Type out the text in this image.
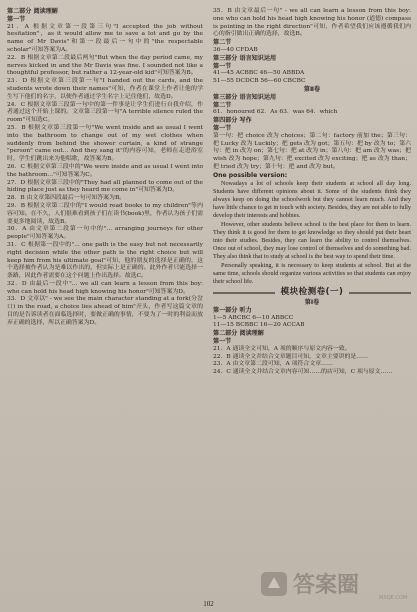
第二部分 阅读理解

第一节

21．A 根据文章第一段第三句"I accepted the job without hesitation"，as it would allow me to save a lot and go by the name of Mr Davis"和第一段最后一句中的"the respectable scholar"可知答案为A。

22．B 根据文章第二段最后两句"But when the day period came, my nerves kicked in and the Mr Davis was fine. I sounded not like a thoughtful professor, but rather a 12-year-old kid"可知答案为B。

23．D 根据文章第三段第一句"I handed out the cards, and the students wrote down their names"可知，作者在课堂上作者让他的学生写下他们的名字，以便作者通过学生名字上记住他们，故选D。

24．C 根据文章第三段第一句中的第一件事是让学生们进行自我介绍，作者通过这个开始上课的。文章第三段第一句"A terrible silence ruled the room"可知选C。

25．B 根据文章第三段第一句"We went inside and as usual I went into the bathroom to change out of my wet clothes when suddenly from behind the shower curtain, a kind of strange "person" came out... And they sang it"的内容可知，老师在走进浴室时，学生们跳出来为他唱歌，故答案为B。

26．C 根据文章第三段中的"We were inside and as usual I went into the bathroom..."可知答案为C。

27．D 根据文章第三段中的"They had all planned to come out of the hiding place just as they heard me come in"可知答案为D。

28．B 由文章第四段最后一句可知答案为B。

29．B 根据文章第二段中的"I would read books to my children"等内容可知。在不久，人们很难看到孩子们在读书(book)里，作者认为孩子们需要更多地阅读，故选B。

30．A 由文章第二段第一句中的"... arranging journeys for other people"可知答案为A。

31．C 根据第一段中的"... one path is the easy but not necessarily right decision while the other path is the right choice but will keep him from his ultimate goal"可知，他的朋友的选择是正确的，这个选择被作者认为是难以作出的，但实际上是正确的。此外作者只能选择一条路，因此作者需要在这个问题上作出选择。故选C。

32．D 由最后一段中"... we all can learn a lesson from this boy: who can hold his head high knowing his honor"可知答案为D。

33．D 文章以" - we see the main character standing at a fork(分岔口) in the road, a choice lies ahead of him"开头，作者写这篇文章的目的是告诉读者在面临选择时，要做正确的事情，不要为了一时的利益而放弃正确的选择，所以正确答案为D。

35．B 由文章最后一句" - we all can learn a lesson from this boy: one who can hold his head high knowing his honor (道德) compass is pointing in the right direction"可知，作者希望我们应该遵循我们内心的指引做出正确的选择，故选B。

第二节

36—40 CFDAB

第三部分 语言知识运用

第一节

41—45 ACBBC 46—50 ABBDA

51—55 DCDCB 56—60 CBCBC

第Ⅱ卷

第三部分 语言知识运用

第二节

61．honoured 62．As 63．was 64．which

第四部分 写作

第一节

第一句：把 choice 改为 choices；第二句：factory 前加 the；第三句：把 Lucky 改为 Luckily；把 gets 改为 got；第五句：把 by 改为 to；第六句：把 in 改为 on；第七句：把 at 改为 in；第八句：把 am 改为 was；把 wish 改为 hope；第九句：把 excited 改为 exciting；把 as 改为 than；把 tried 改为 try；第十句：把 and 改为 but。

One possible version:

Nowadays a lot of schools keep their students at school all day long. Students have different opinions about it. Some of the students think they always keep on doing the schoolwork but they cannot learn much. And they have little chance to get in touch with society. Besides, they are not able to fully develop their interests and hobbies.

However, other students believe school is the best place for them to learn. They think it is good for them to get knowledge so they should put their heart into their studies. Besides, they can learn the ability to control themselves. Once out of school, they may lose control of themselves and do something bad. They also think that to study at school is the best way to spend their time.

Personally speaking, it is necessary to keep students at school. But at the same time, schools should organize various activities so that students can enjoy their school life.

模块检测卷(一)

第Ⅰ卷

第一部分 听力

1—5 ABCBC 6—10 ABBCC

11—15 BCBBC 16—20 ACCAB

第二部分 阅读理解

第一节

21．A 通读全文可知，A 项的顺序与原文内容一致。

22．B 通读全文并结合文章题目可知，文章主要讲的是……

23．A 由文章第二段可知，A 项符合文章……

24．C 通读全文并结合文章内容可知……的店可知，C 项与原文……

102
答案圈	MXQE.COM
